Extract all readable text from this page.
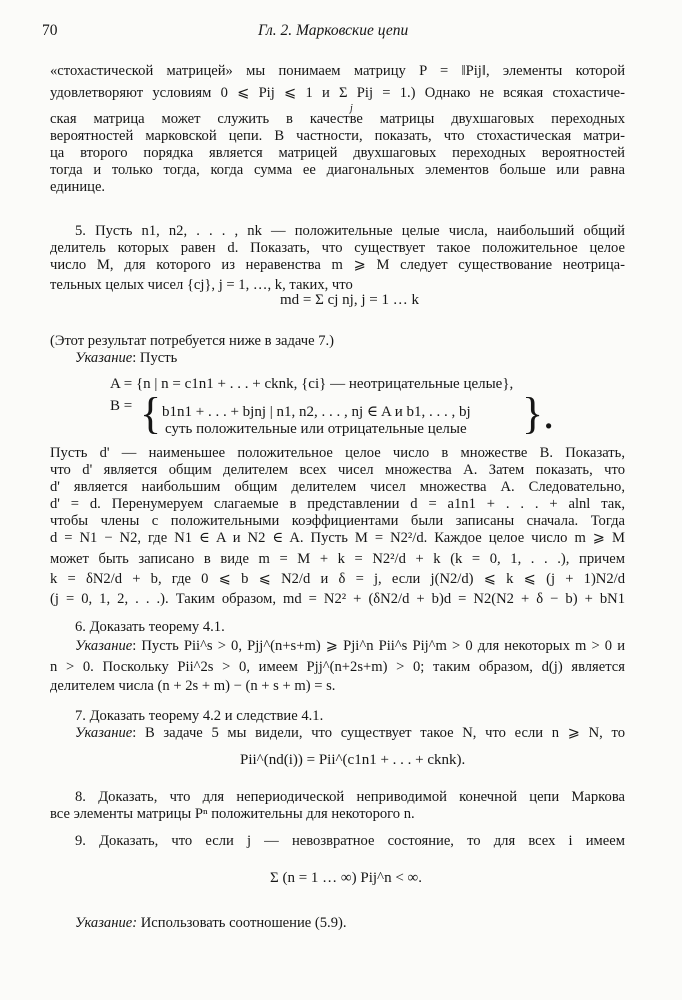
70	Гл. 2. Марковские цепи
«стохастической матрицей» мы понимаем матрицу P = ‖Pij‖, элементы которой
удовлетворяют условиям 0 ⩽ Pij ⩽ 1 и Σ Pij = 1.) Однако не всякая стохастиче-
j
ская матрица может служить в качестве матрицы двухшаговых переходных
вероятностей марковской цепи. В частности, показать, что стохастическая матри-
ца второго порядка является матрицей двухшаговых переходных вероятностей
тогда и только тогда, когда сумма ее диагональных элементов больше или равна
единице.
5. Пусть n1, n2, . . . , nk — положительные целые числа, наибольший общий
делитель которых равен d. Показать, что существует такое положительное целое
число M, для которого из неравенства m ⩾ M следует существование неотрица-
тельных целых чисел {cj}, j = 1, …, k, таких, что
md = Σ cj nj, j = 1 … k
(Этот результат потребуется ниже в задаче 7.)
Указание: Пусть
A = {n | n = c1n1 + . . . + cknk, {ci} — неотрицательные целые},
B = { b1n1 + . . . + bjnj | n1, n2, . . . , nj ∈ A и b1, . . . , bj
суть положительные или отрицательные целые }.
Пусть d' — наименьшее положительное целое число в множестве B. Показать,
что d' является общим делителем всех чисел множества A. Затем показать, что
d' является наибольшим общим делителем чисел множества A. Следовательно,
d' = d. Перенумеруем слагаемые в представлении d = a1n1 + . . . + alnl так,
чтобы члены с положительными коэффициентами были записаны сначала. Тогда
d = N1 − N2, где N1 ∈ A и N2 ∈ A. Пусть M = N2²/d. Каждое целое число m ⩾ M
может быть записано в виде m = M + k = N2²/d + k (k = 0, 1, . . .), причем
k = δN2/d + b, где 0 ⩽ b ⩽ N2/d и δ = j, если j(N2/d) ⩽ k ⩽ (j + 1)N2/d
(j = 0, 1, 2, . . .). Таким образом, md = N2² + (δN2/d + b)d = N2(N2 + δ − b) + bN1
6. Доказать теорему 4.1.
Указание: Пусть Pii^s > 0, Pjj^(n+s+m) ⩾ Pji^n Pii^s Pij^m > 0 для некоторых m > 0 и
n > 0. Поскольку Pii^2s > 0, имеем Pjj^(n+2s+m) > 0; таким образом, d(j) является
делителем числа (n + 2s + m) − (n + s + m) = s.
7. Доказать теорему 4.2 и следствие 4.1.
Указание: В задаче 5 мы видели, что существует такое N, что если n ⩾ N, то
Pii^(nd(i)) = Pii^(c1n1 + . . . + cknk).
8. Доказать, что для непериодической неприводимой конечной цепи Маркова
все элементы матрицы Pⁿ положительны для некоторого n.
9. Доказать, что если j — невозвратное состояние, то для всех i имеем
Σ (n = 1 … ∞) Pij^n < ∞.
Указание: Использовать соотношение (5.9).
